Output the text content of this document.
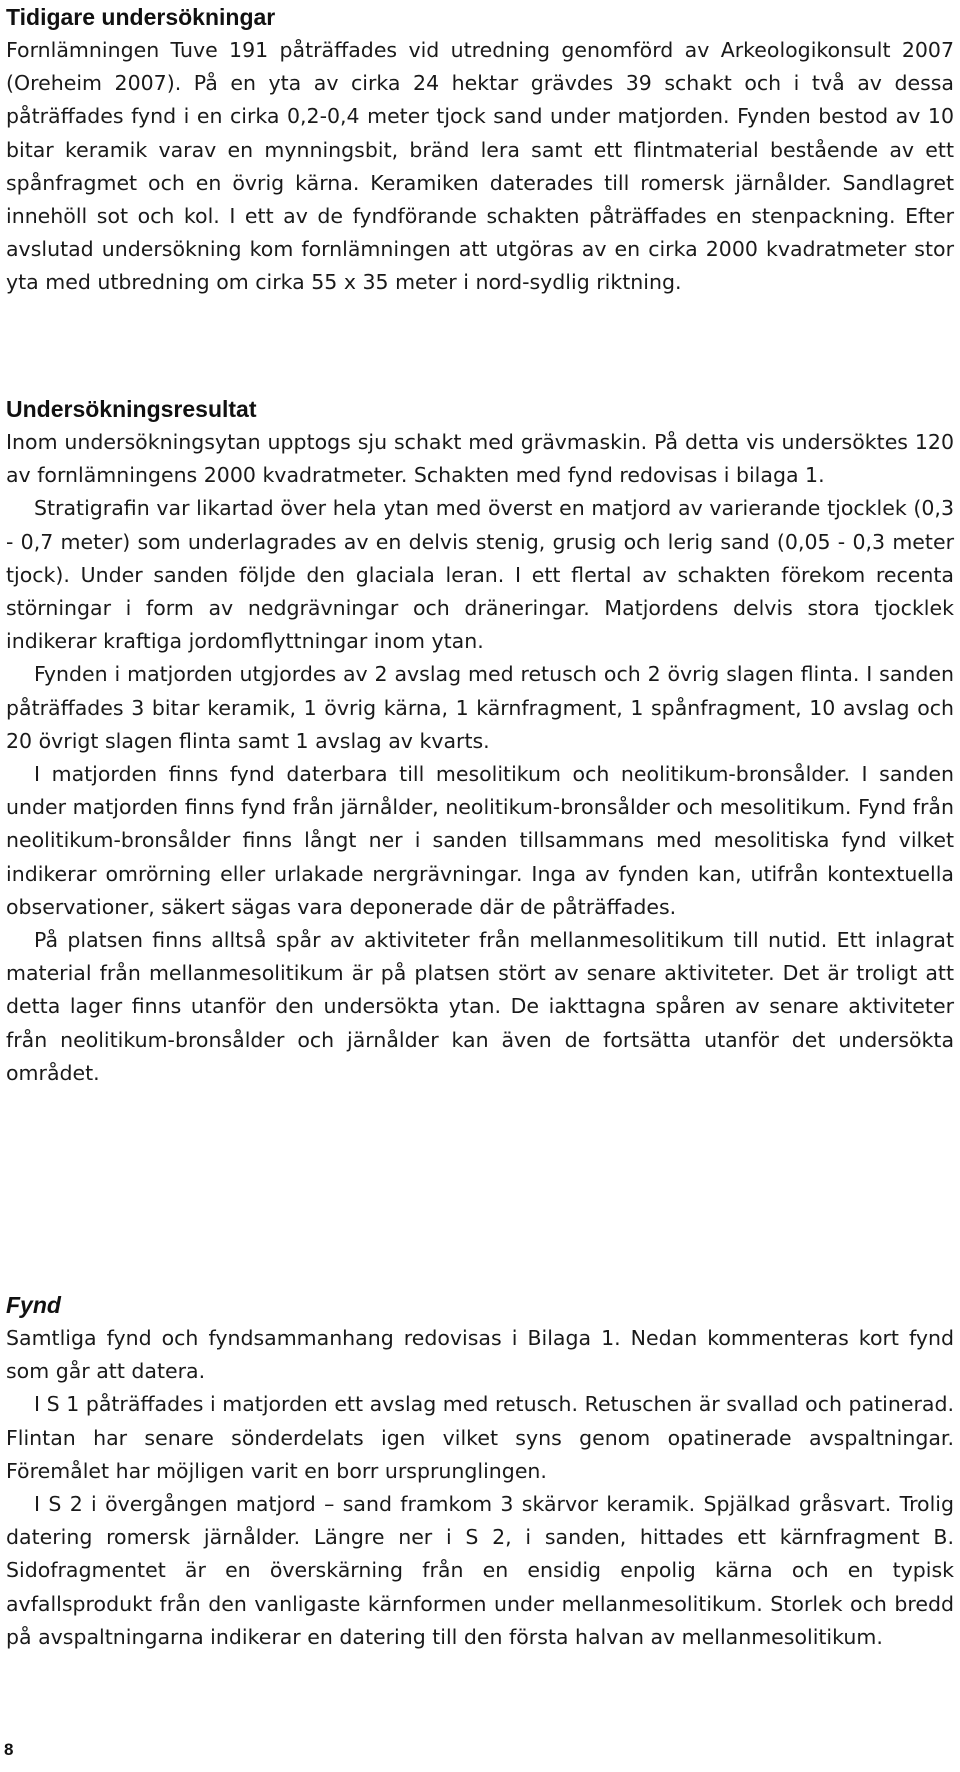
Tidigare undersökningar

Fornlämningen Tuve 191 påträffades vid utredning genomförd av Arkeologikonsult 2007 (Oreheim 2007). På en yta av cirka 24 hektar grävdes 39 schakt och i två av dessa påträffades fynd i en cirka 0,2-0,4 meter tjock sand under matjorden. Fynden bestod av 10 bitar keramik varav en mynningsbit, bränd lera samt ett flintmaterial bestående av ett spånfragmet och en övrig kärna. Keramiken daterades till romersk järnålder. Sandlagret innehöll sot och kol. I ett av de fyndförande schakten påträffades en stenpackning. Efter avslutad undersökning kom fornlämningen att utgöras av en cirka 2000 kvadratmeter stor yta med utbredning om cirka 55 x 35 meter i nord-sydlig riktning.

Undersökningsresultat

Inom undersökningsytan upptogs sju schakt med grävmaskin. På detta vis undersöktes 120 av fornlämningens 2000 kvadratmeter. Schakten med fynd redovisas i bilaga 1.

Stratigrafin var likartad över hela ytan med överst en matjord av varierande tjocklek (0,3 - 0,7 meter) som underlagrades av en delvis stenig, grusig och lerig sand (0,05 - 0,3 meter tjock). Under sanden följde den glaciala leran. I ett flertal av schakten förekom recenta störningar i form av nedgrävningar och dräneringar. Matjordens delvis stora tjocklek indikerar kraftiga jordomflyttningar inom ytan.

Fynden i matjorden utgjordes av 2 avslag med retusch och 2 övrig slagen flinta. I sanden påträffades 3 bitar keramik, 1 övrig kärna, 1 kärnfragment, 1 spånfragment, 10 avslag och 20 övrigt slagen flinta samt 1 avslag av kvarts.

I matjorden finns fynd daterbara till mesolitikum och neolitikum-bronsålder. I sanden under matjorden finns fynd från järnålder, neolitikum-bronsålder och mesolitikum. Fynd från neolitikum-bronsålder finns långt ner i sanden tillsammans med mesolitiska fynd vilket indikerar omrörning eller urlakade nergrävningar. Inga av fynden kan, utifrån kontextuella observationer, säkert sägas vara deponerade där de påträffades.

På platsen finns alltså spår av aktiviteter från mellanmesolitikum till nutid. Ett inlagrat material från mellanmesolitikum är på platsen stört av senare aktiviteter. Det är troligt att detta lager finns utanför den undersökta ytan. De iakttagna spåren av senare aktiviteter från neolitikum-bronsålder och järnålder kan även de fortsätta utanför det undersökta området.

Fynd

Samtliga fynd och fyndsammanhang redovisas i Bilaga 1. Nedan kommenteras kort fynd som går att datera.

I S 1 påträffades i matjorden ett avslag med retusch. Retuschen är svallad och patinerad. Flintan har senare sönderdelats igen vilket syns genom opatinerade avspaltningar. Föremålet har möjligen varit en borr ursprunglingen.

I S 2 i övergången matjord – sand framkom 3 skärvor keramik. Spjälkad gråsvart. Trolig datering romersk järnålder. Längre ner i S 2, i sanden, hittades ett kärnfragment B. Sidofragmentet är en överskärning från en ensidig enpolig kärna och en typisk avfallsprodukt från den vanligaste kärnformen under mellanmesolitikum. Storlek och bredd på avspaltningarna indikerar en datering till den första halvan av mellanmesolitikum.

8
